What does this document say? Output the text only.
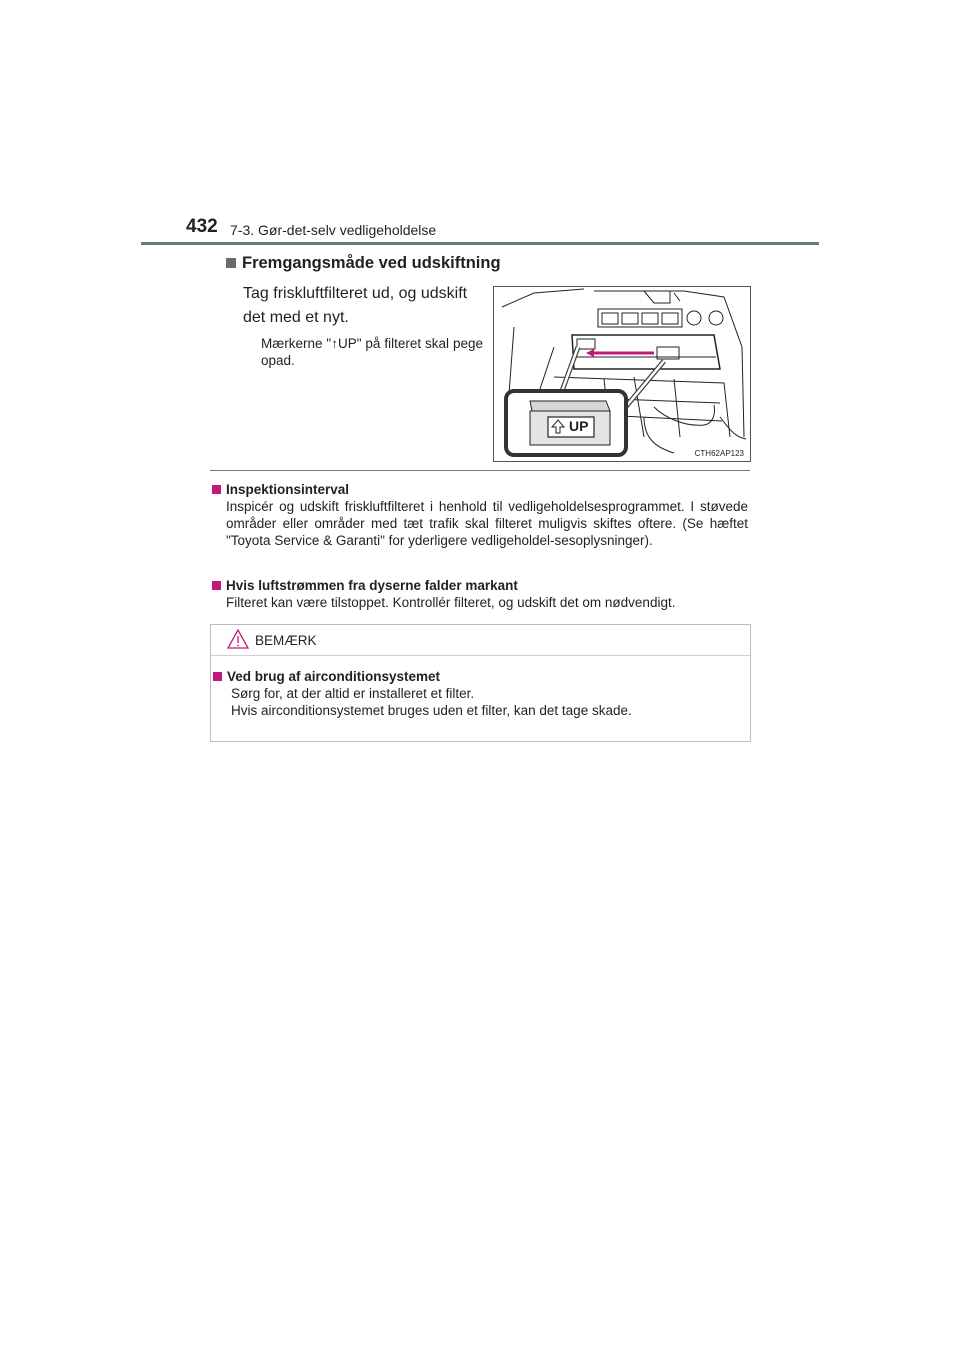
432 7-3. Gør-det-selv vedligeholdelse
Fremgangsmåde ved udskiftning
Tag friskluftfilteret ud, og udskift det med et nyt.
Mærkerne "↑UP" på filteret skal pege opad.
UP
CTH62AP123
Inspektionsinterval
Inspicér og udskift friskluftfilteret i henhold til vedligeholdelsesprogrammet. I støvede områder eller områder med tæt trafik skal filteret muligvis skiftes oftere. (Se hæftet "Toyota Service & Garanti" for yderligere vedligeholdel-sesoplysninger).
Hvis luftstrømmen fra dyserne falder markant
Filteret kan være tilstoppet. Kontrollér filteret, og udskift det om nødvendigt.
BEMÆRK
Ved brug af airconditionsystemet
Sørg for, at der altid er installeret et filter.
Hvis airconditionsystemet bruges uden et filter, kan det tage skade.
